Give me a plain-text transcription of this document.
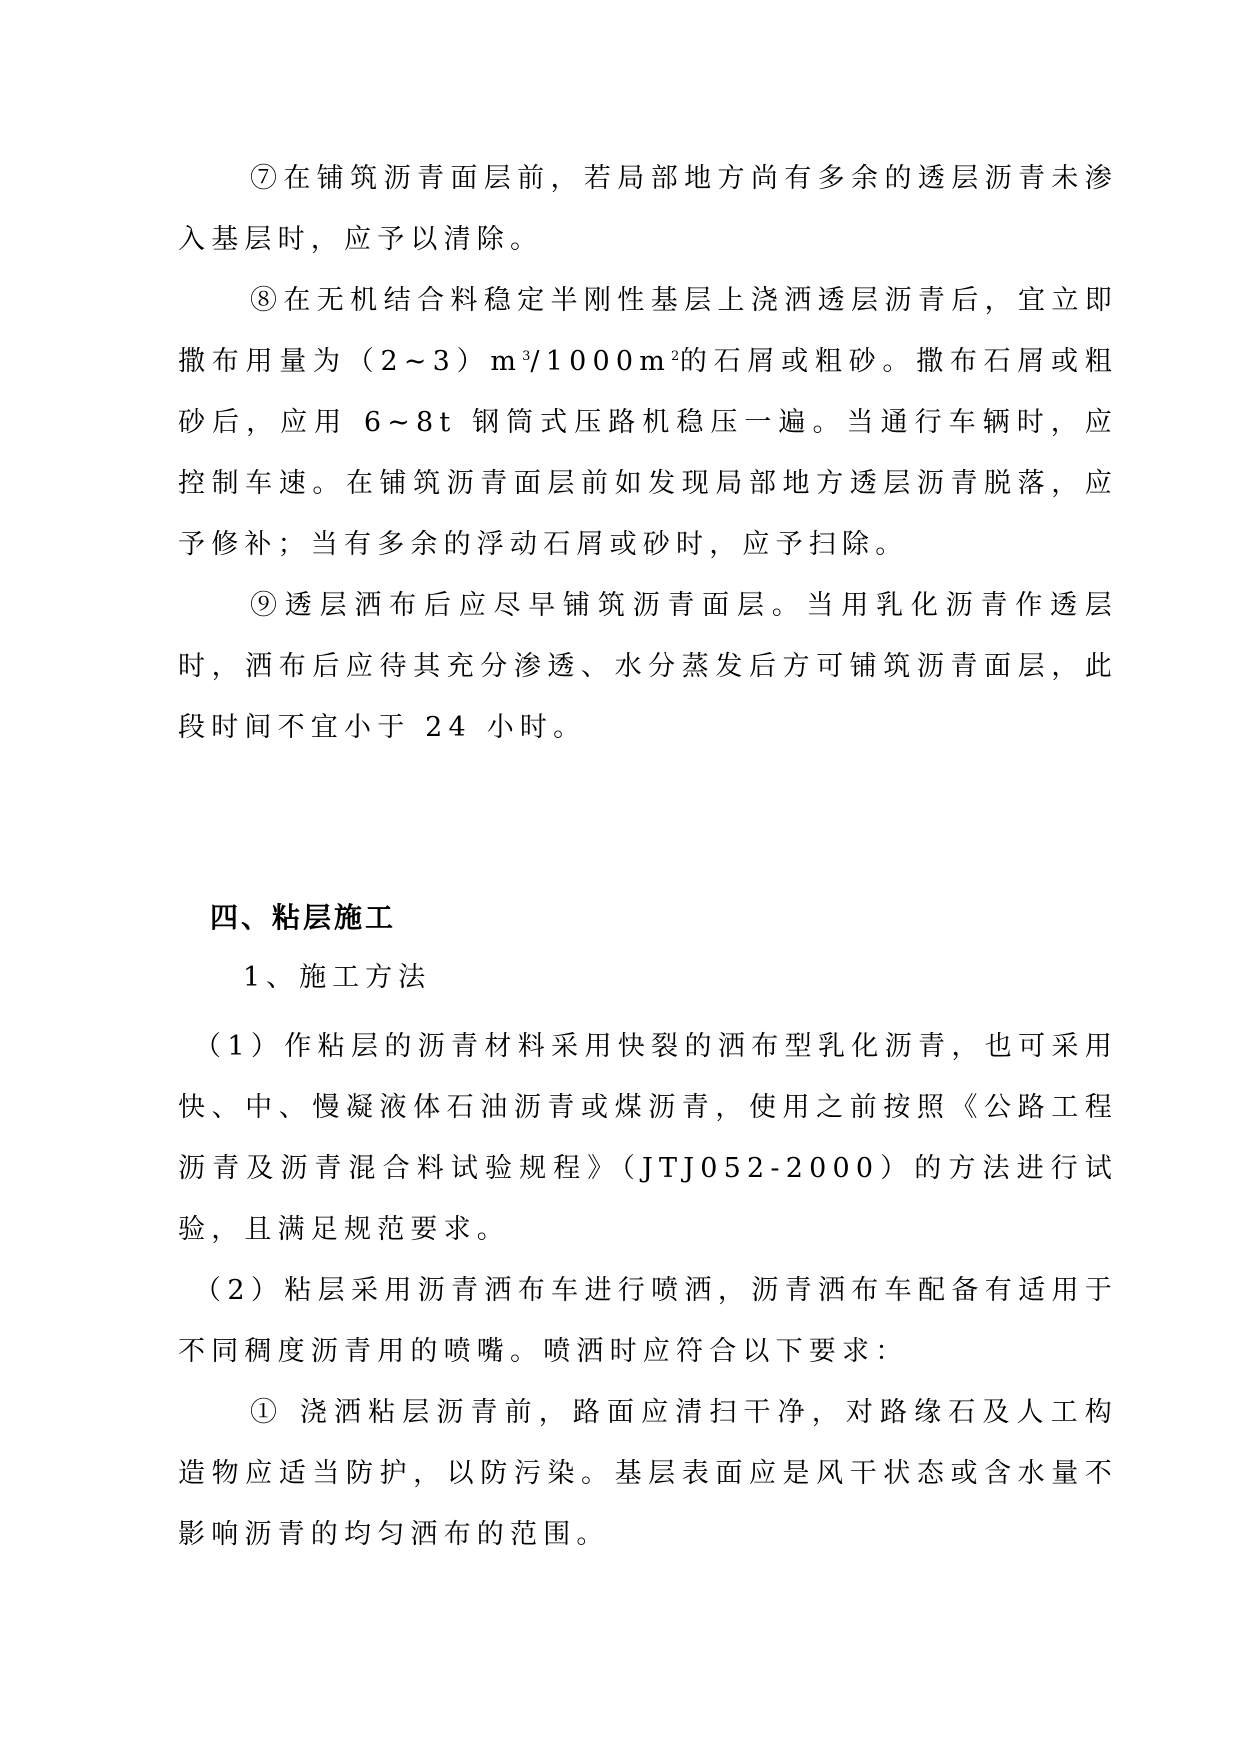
⑦在铺筑沥青面层前，若局部地方尚有多余的透层沥青未渗入基层时，应予以清除。

⑧在无机结合料稳定半刚性基层上浇洒透层沥青后，宜立即撒布用量为$(2\sim 3)m^3/1000m^2$的石屑或粗砂。撒布石屑或粗砂后，应用 6~8t 钢筒式压路机稳压一遍。当通行车辆时，应控制车速。在铺筑沥青面层前如发现局部地方透层沥青脱落，应予修补；当有多余的浮动石屑或砂时，应予扫除。

⑨透层洒布后应尽早铺筑沥青面层。当用乳化沥青作透层时，洒布后应待其充分渗透、水分蒸发后方可铺筑沥青面层，此段时间不宜小于 24 小时。

四、粘层施工

1、施工方法

（1）作粘层的沥青材料采用快裂的洒布型乳化沥青，也可采用快、中、慢凝液体石油沥青或煤沥青，使用之前按照《公路工程沥青及沥青混合料试验规程》（JTJ052-2000）的方法进行试验，且满足规范要求。

（2）粘层采用沥青洒布车进行喷洒，沥青洒布车配备有适用于不同稠度沥青用的喷嘴。喷洒时应符合以下要求：

① 浇洒粘层沥青前，路面应清扫干净，对路缘石及人工构造物应适当防护，以防污染。基层表面应是风干状态或含水量不影响沥青的均匀洒布的范围。
